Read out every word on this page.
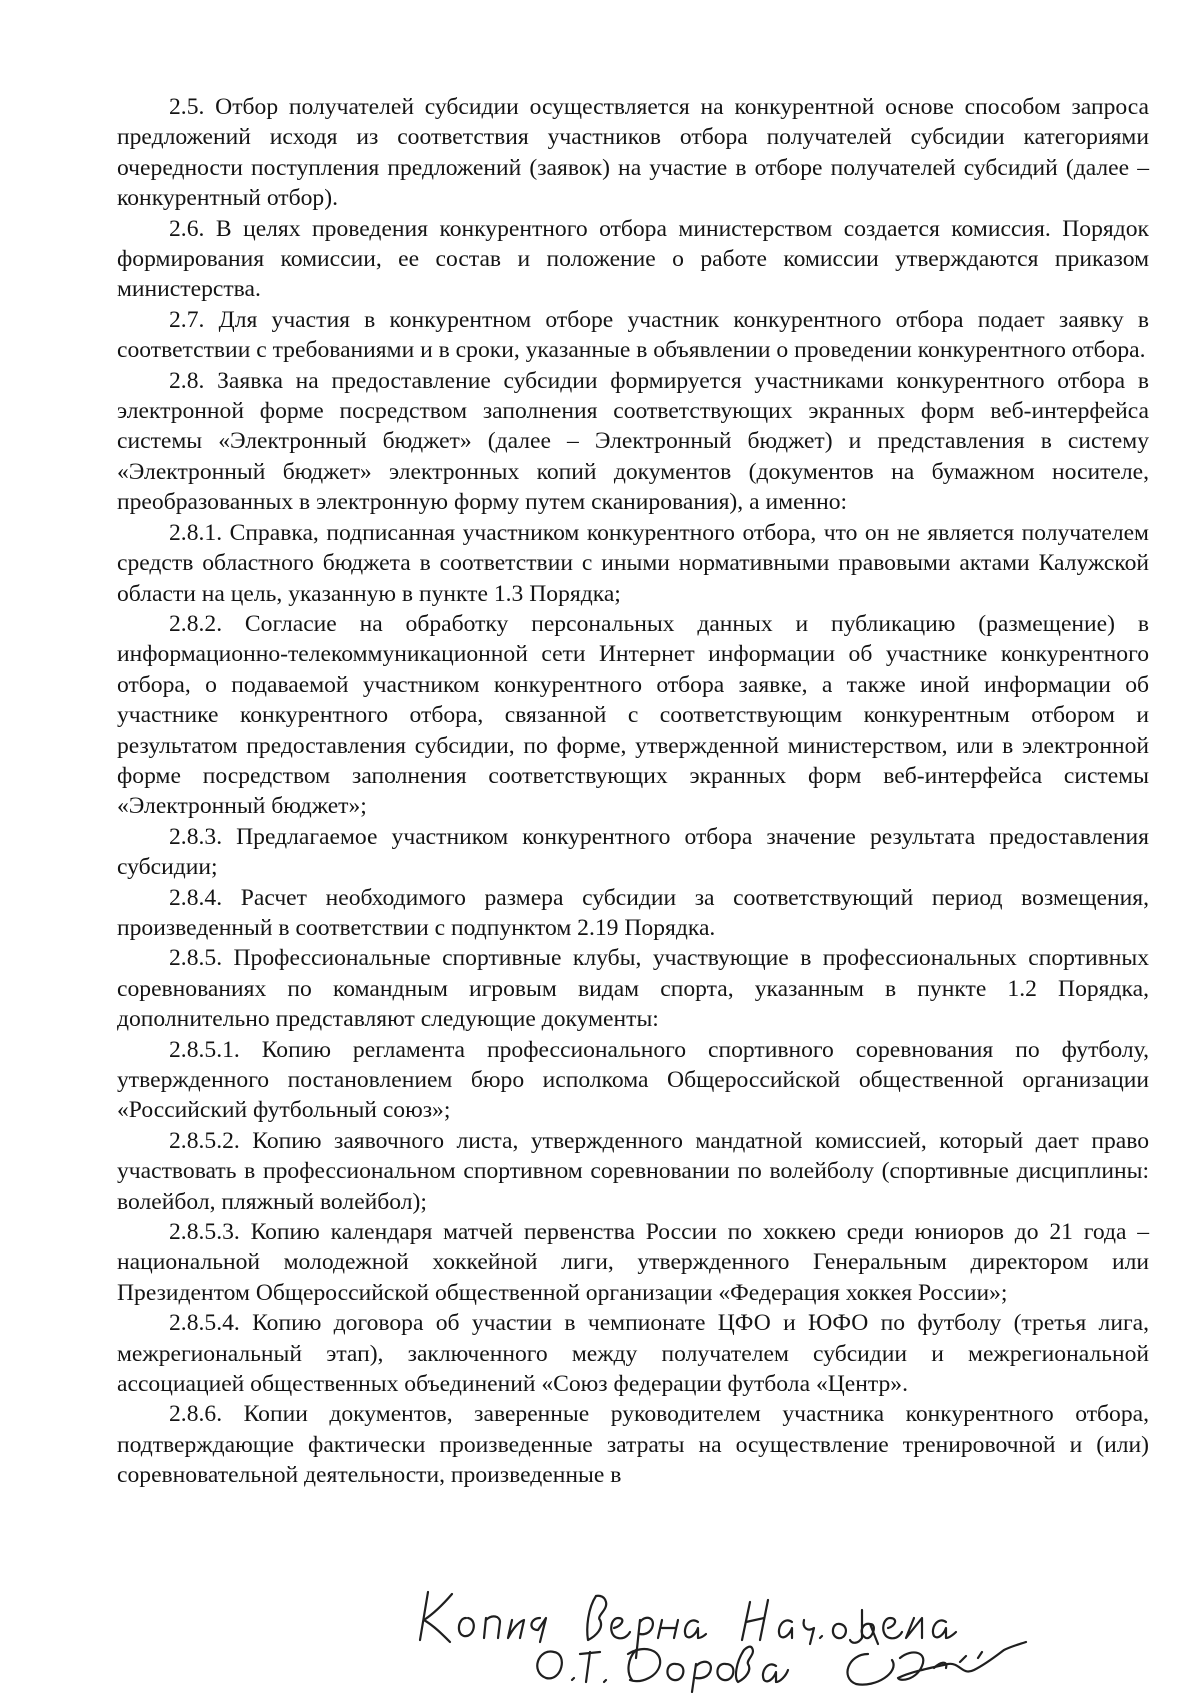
2.5. Отбор получателей субсидии осуществляется на конкурентной основе способом запроса предложений исходя из соответствия участников отбора получателей субсидии категориями очередности поступления предложений (заявок) на участие в отборе получателей субсидий (далее – конкурентный отбор).

2.6. В целях проведения конкурентного отбора министерством создается комиссия. Порядок формирования комиссии, ее состав и положение о работе комиссии утверждаются приказом министерства.

2.7. Для участия в конкурентном отборе участник конкурентного отбора подает заявку в соответствии с требованиями и в сроки, указанные в объявлении о проведении конкурентного отбора.

2.8. Заявка на предоставление субсидии формируется участниками конкурентного отбора в электронной форме посредством заполнения соответствующих экранных форм веб-интерфейса системы «Электронный бюджет» (далее – Электронный бюджет) и представления в систему «Электронный бюджет» электронных копий документов (документов на бумажном носителе, преобразованных в электронную форму путем сканирования), а именно:

2.8.1. Справка, подписанная участником конкурентного отбора, что он не является получателем средств областного бюджета в соответствии с иными нормативными правовыми актами Калужской области на цель, указанную в пункте 1.3 Порядка;

2.8.2. Согласие на обработку персональных данных и публикацию (размещение) в информационно-телекоммуникационной сети Интернет информации об участнике конкурентного отбора, о подаваемой участником конкурентного отбора заявке, а также иной информации об участнике конкурентного отбора, связанной с соответствующим конкурентным отбором и результатом предоставления субсидии, по форме, утвержденной министерством, или в электронной форме посредством заполнения соответствующих экранных форм веб-интерфейса системы «Электронный бюджет»;

2.8.3. Предлагаемое участником конкурентного отбора значение результата предоставления субсидии;

2.8.4. Расчет необходимого размера субсидии за соответствующий период возмещения, произведенный в соответствии с подпунктом 2.19 Порядка.

2.8.5. Профессиональные спортивные клубы, участвующие в профессиональных спортивных соревнованиях по командным игровым видам спорта, указанным в пункте 1.2 Порядка, дополнительно представляют следующие документы:

2.8.5.1. Копию регламента профессионального спортивного соревнования по футболу, утвержденного постановлением бюро исполкома Общероссийской общественной организации «Российский футбольный союз»;

2.8.5.2. Копию заявочного листа, утвержденного мандатной комиссией, который дает право участвовать в профессиональном спортивном соревновании по волейболу (спортивные дисциплины: волейбол, пляжный волейбол);

2.8.5.3. Копию календаря матчей первенства России по хоккею среди юниоров до 21 года – национальной молодежной хоккейной лиги, утвержденного Генеральным директором или Президентом Общероссийской общественной организации «Федерация хоккея России»;

2.8.5.4. Копию договора об участии в чемпионате ЦФО и ЮФО по футболу (третья лига, межрегиональный этап), заключенного между получателем субсидии и межрегиональной ассоциацией общественных объединений «Союз федерации футбола «Центр».

2.8.6. Копии документов, заверенные руководителем участника конкурентного отбора, подтверждающие фактически произведенные затраты на осуществление тренировочной и (или) соревновательной деятельности, произведенные в
